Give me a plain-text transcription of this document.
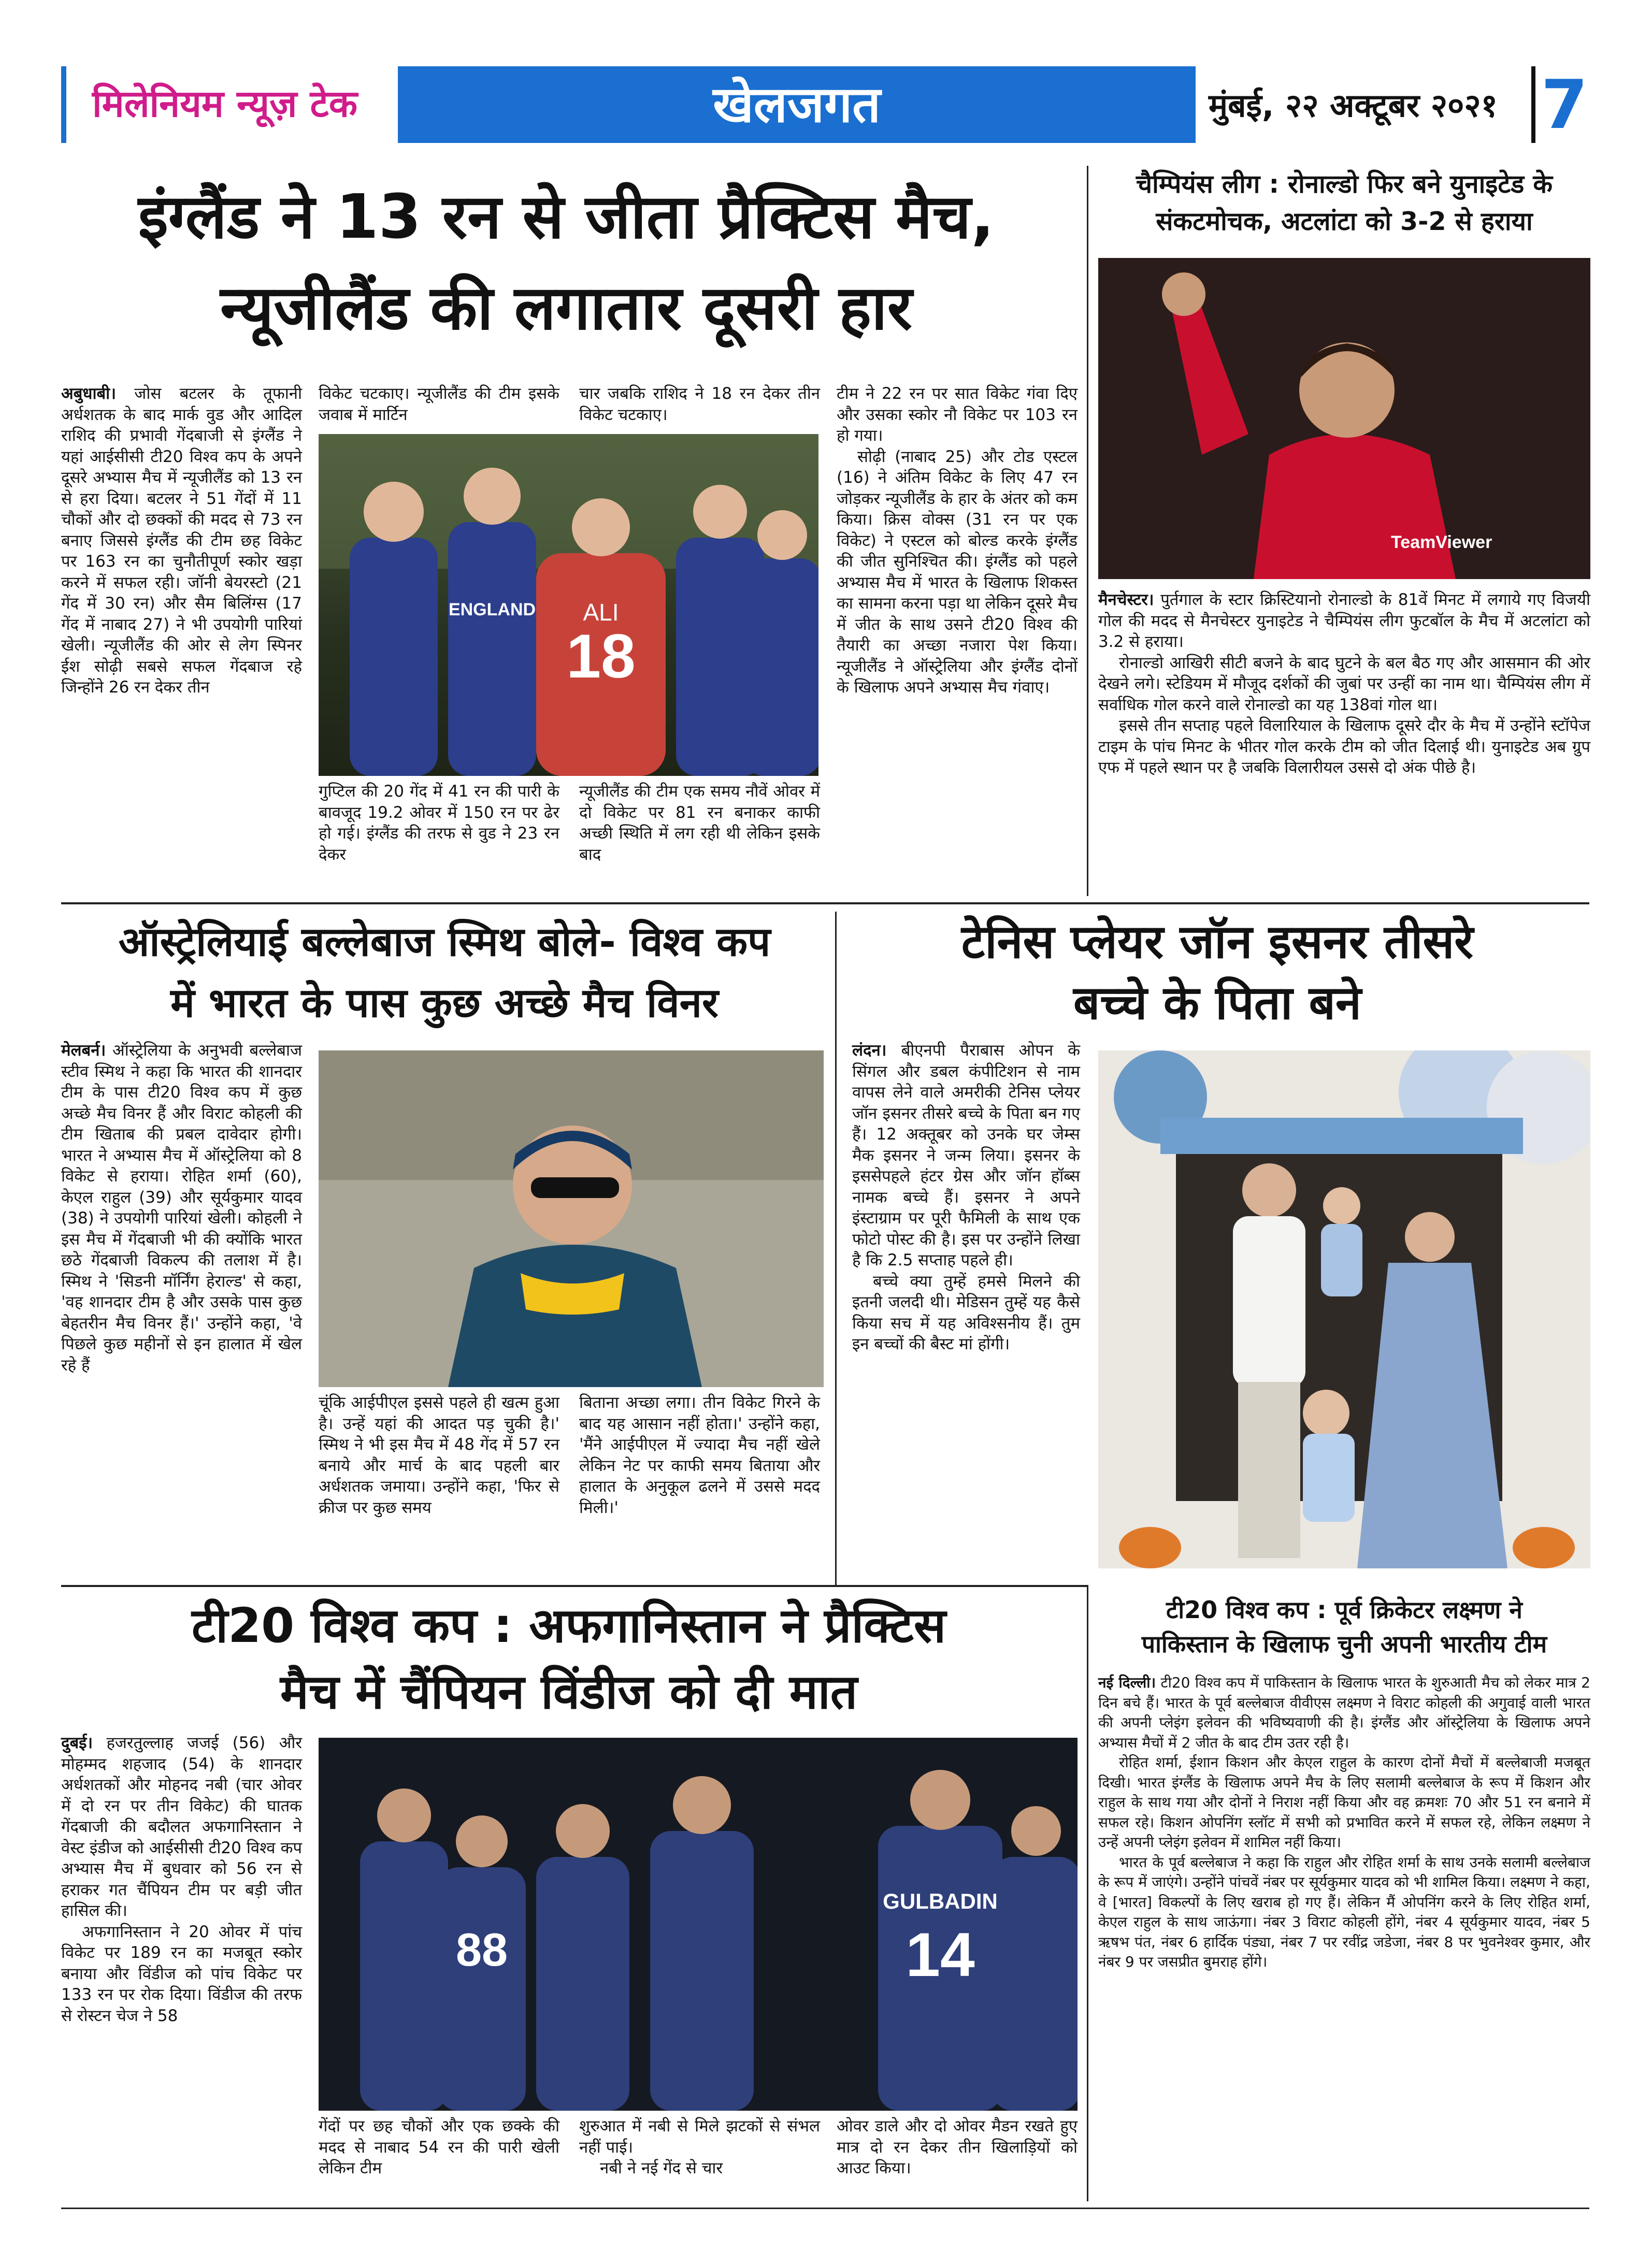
मिलेनियम न्यूज़ टेक	खेलजगत	मुंबई, २२ अक्टूबर २०२१ 7
इंग्लैंड ने 13 रन से जीता प्रैक्टिस मैच,
न्यूजीलैंड की लगातार दूसरी हार

अबुधाबी। जोस बटलर के तूफानी अर्धशतक के बाद मार्क वुड और आदिल राशिद की प्रभावी गेंदबाजी से इंग्लैंड ने यहां आईसीसी टी20 विश्व कप के अपने दूसरे अभ्यास मैच में न्यूजीलैंड को 13 रन से हरा दिया। बटलर ने 51 गेंदों में 11 चौकों और दो छक्कों की मदद से 73 रन बनाए जिससे इंग्लैंड की टीम छह विकेट पर 163 रन का चुनौतीपूर्ण स्कोर खड़ा करने में सफल रही। जॉनी बेयरस्टो (21 गेंद में 30 रन) और सैम बिलिंग्स (17 गेंद में नाबाद 27) ने भी उपयोगी पारियां खेली। न्यूजीलैंड की ओर से लेग स्पिनर ईश सोढ़ी सबसे सफल गेंदबाज रहे जिन्होंने 26 रन देकर तीन

विकेट चटकाए। न्यूजीलैंड की टीम इसके जवाब में मार्टिन

चार जबकि राशिद ने 18 रन देकर तीन विकेट चटकाए।

ALI
18
ENGLAND

गुप्टिल की 20 गेंद में 41 रन की पारी के बावजूद 19.2 ओवर में 150 रन पर ढेर हो गई। इंग्लैंड की तरफ से वुड ने 23 रन देकर

न्यूजीलैंड की टीम एक समय नौवें ओवर में दो विकेट पर 81 रन बनाकर काफी अच्छी स्थिति में लग रही थी लेकिन इसके बाद

टीम ने 22 रन पर सात विकेट गंवा दिए और उसका स्कोर नौ विकेट पर 103 रन हो गया।

सोढ़ी (नाबाद 25) और टोड एस्टल (16) ने अंतिम विकेट के लिए 47 रन जोड़कर न्यूजीलैंड के हार के अंतर को कम किया। क्रिस वोक्स (31 रन पर एक विकेट) ने एस्टल को बोल्ड करके इंग्लैंड की जीत सुनिश्चित की। इंग्लैंड को पहले अभ्यास मैच में भारत के खिलाफ शिकस्त का सामना करना पड़ा था लेकिन दूसरे मैच में जीत के साथ उसने टी20 विश्व की तैयारी का अच्छा नजारा पेश किया। न्यूजीलैंड ने ऑस्ट्रेलिया और इंग्लैंड दोनों के खिलाफ अपने अभ्यास मैच गंवाए।

चैम्पियंस लीग : रोनाल्डो फिर बने युनाइटेड के
संकटमोचक, अटलांटा को 3-2 से हराया
TeamViewer

मैनचेस्टर। पुर्तगाल के स्टार क्रिस्टियानो रोनाल्डो के 81वें मिनट में लगाये गए विजयी गोल की मदद से मैनचेस्टर युनाइटेड ने चैम्पियंस लीग फुटबॉल के मैच में अटलांटा को 3.2 से हराया।

रोनाल्डो आखिरी सीटी बजने के बाद घुटने के बल बैठ गए और आसमान की ओर देखने लगे। स्टेडियम में मौजूद दर्शकों की जुबां पर उन्हीं का नाम था। चैम्पियंस लीग में सर्वाधिक गोल करने वाले रोनाल्डो का यह 138वां गोल था।

इससे तीन सप्ताह पहले विलारियाल के खिलाफ दूसरे दौर के मैच में उन्होंने स्टॉपेज टाइम के पांच मिनट के भीतर गोल करके टीम को जीत दिलाई थी। युनाइटेड अब ग्रुप एफ में पहले स्थान पर है जबकि विलारीयल उससे दो अंक पीछे है।

ऑस्ट्रेलियाई बल्लेबाज स्मिथ बोले- विश्व कप
में भारत के पास कुछ अच्छे मैच विनर

मेलबर्न। ऑस्ट्रेलिया के अनुभवी बल्लेबाज स्टीव स्मिथ ने कहा कि भारत की शानदार टीम के पास टी20 विश्व कप में कुछ अच्छे मैच विनर हैं और विराट कोहली की टीम खिताब की प्रबल दावेदार होगी। भारत ने अभ्यास मैच में ऑस्ट्रेलिया को 8 विकेट से हराया। रोहित शर्मा (60), केएल राहुल (39) और सूर्यकुमार यादव (38) ने उपयोगी पारियां खेली। कोहली ने इस मैच में गेंदबाजी भी की क्योंकि भारत छठे गेंदबाजी विकल्प की तलाश में है। स्मिथ ने 'सिडनी मॉर्निंग हेराल्ड' से कहा, 'वह शानदार टीम है और उसके पास कुछ बेहतरीन मैच विनर हैं।' उन्होंने कहा, 'वे पिछले कुछ महीनों से इन हालात में खेल रहे हैं

चूंकि आईपीएल इससे पहले ही खत्म हुआ है। उन्हें यहां की आदत पड़ चुकी है।' स्मिथ ने भी इस मैच में 48 गेंद में 57 रन बनाये और मार्च के बाद पहली बार अर्धशतक जमाया। उन्होंने कहा, 'फिर से क्रीज पर कुछ समय

बिताना अच्छा लगा। तीन विकेट गिरने के बाद यह आसान नहीं होता।' उन्होंने कहा, 'मैंने आईपीएल में ज्यादा मैच नहीं खेले लेकिन नेट पर काफी समय बिताया और हालात के अनुकूल ढलने में उससे मदद मिली।'

टेनिस प्लेयर जॉन इसनर तीसरे
बच्चे के पिता बने

लंदन। बीएनपी पैराबास ओपन के सिंगल और डबल कंपीटिशन से नाम वापस लेने वाले अमरीकी टेनिस प्लेयर जॉन इसनर तीसरे बच्चे के पिता बन गए हैं। 12 अक्तूबर को उनके घर जेम्स मैक इसनर ने जन्म लिया। इसनर के इससेपहले हंटर ग्रेस और जॉन हॉब्स नामक बच्चे हैं। इसनर ने अपने इंस्टाग्राम पर पूरी फैमिली के साथ एक फोटो पोस्ट की है। इस पर उन्होंने लिखा है कि 2.5 सप्ताह पहले ही।

बच्चे क्या तुम्हें हमसे मिलने की इतनी जलदी थी। मेडिसन तुम्हें यह कैसे किया सच में यह अविश्सनीय हैं। तुम इन बच्चों की बैस्ट मां होंगी।

टी20 विश्व कप : अफगानिस्तान ने प्रैक्टिस
मैच में चैंपियन विंडीज को दी मात

दुबई। हजरतुल्लाह जजई (56) और मोहम्मद शहजाद (54) के शानदार अर्धशतकों और मोहनद नबी (चार ओवर में दो रन पर तीन विकेट) की घातक गेंदबाजी की बदौलत अफगानिस्तान ने वेस्ट इंडीज को आईसीसी टी20 विश्व कप अभ्यास मैच में बुधवार को 56 रन से हराकर गत चैंपियन टीम पर बड़ी जीत हासिल की।

अफगानिस्तान ने 20 ओवर में पांच विकेट पर 189 रन का मजबूत स्कोर बनाया और विंडीज को पांच विकेट पर 133 रन पर रोक दिया। विंडीज की तरफ से रोस्टन चेज ने 58

GULBADIN
14
88

गेंदों पर छह चौकों और एक छक्के की मदद से नाबाद 54 रन की पारी खेली लेकिन टीम

शुरुआत में नबी से मिले झटकों से संभल नहीं पाई।

नबी ने नई गेंद से चार

ओवर डाले और दो ओवर मैडन रखते हुए मात्र दो रन देकर तीन खिलाड़ियों को आउट किया।

टी20 विश्व कप : पूर्व क्रिकेटर लक्ष्मण ने
पाकिस्तान के खिलाफ चुनी अपनी भारतीय टीम

नई दिल्ली। टी20 विश्व कप में पाकिस्तान के खिलाफ भारत के शुरुआती मैच को लेकर मात्र 2 दिन बचे हैं। भारत के पूर्व बल्लेबाज वीवीएस लक्ष्मण ने विराट कोहली की अगुवाई वाली भारत की अपनी प्लेइंग इलेवन की भविष्यवाणी की है। इंग्लैंड और ऑस्ट्रेलिया के खिलाफ अपने अभ्यास मैचों में 2 जीत के बाद टीम उतर रही है।

रोहित शर्मा, ईशान किशन और केएल राहुल के कारण दोनों मैचों में बल्लेबाजी मजबूत दिखी। भारत इंग्लैंड के खिलाफ अपने मैच के लिए सलामी बल्लेबाज के रूप में किशन और राहुल के साथ गया और दोनों ने निराश नहीं किया और वह क्रमशः 70 और 51 रन बनाने में सफल रहे। किशन ओपनिंग स्लॉट में सभी को प्रभावित करने में सफल रहे, लेकिन लक्ष्मण ने उन्हें अपनी प्लेइंग इलेवन में शामिल नहीं किया।

भारत के पूर्व बल्लेबाज ने कहा कि राहुल और रोहित शर्मा के साथ उनके सलामी बल्लेबाज के रूप में जाएंगे। उन्होंने पांचवें नंबर पर सूर्यकुमार यादव को भी शामिल किया। लक्ष्मण ने कहा, वे [भारत] विकल्पों के लिए खराब हो गए हैं। लेकिन मैं ओपनिंग करने के लिए रोहित शर्मा, केएल राहुल के साथ जाऊंगा। नंबर 3 विराट कोहली होंगे, नंबर 4 सूर्यकुमार यादव, नंबर 5 ऋषभ पंत, नंबर 6 हार्दिक पंड्या, नंबर 7 पर रवींद्र जडेजा, नंबर 8 पर भुवनेश्वर कुमार, और नंबर 9 पर जसप्रीत बुमराह होंगे।
